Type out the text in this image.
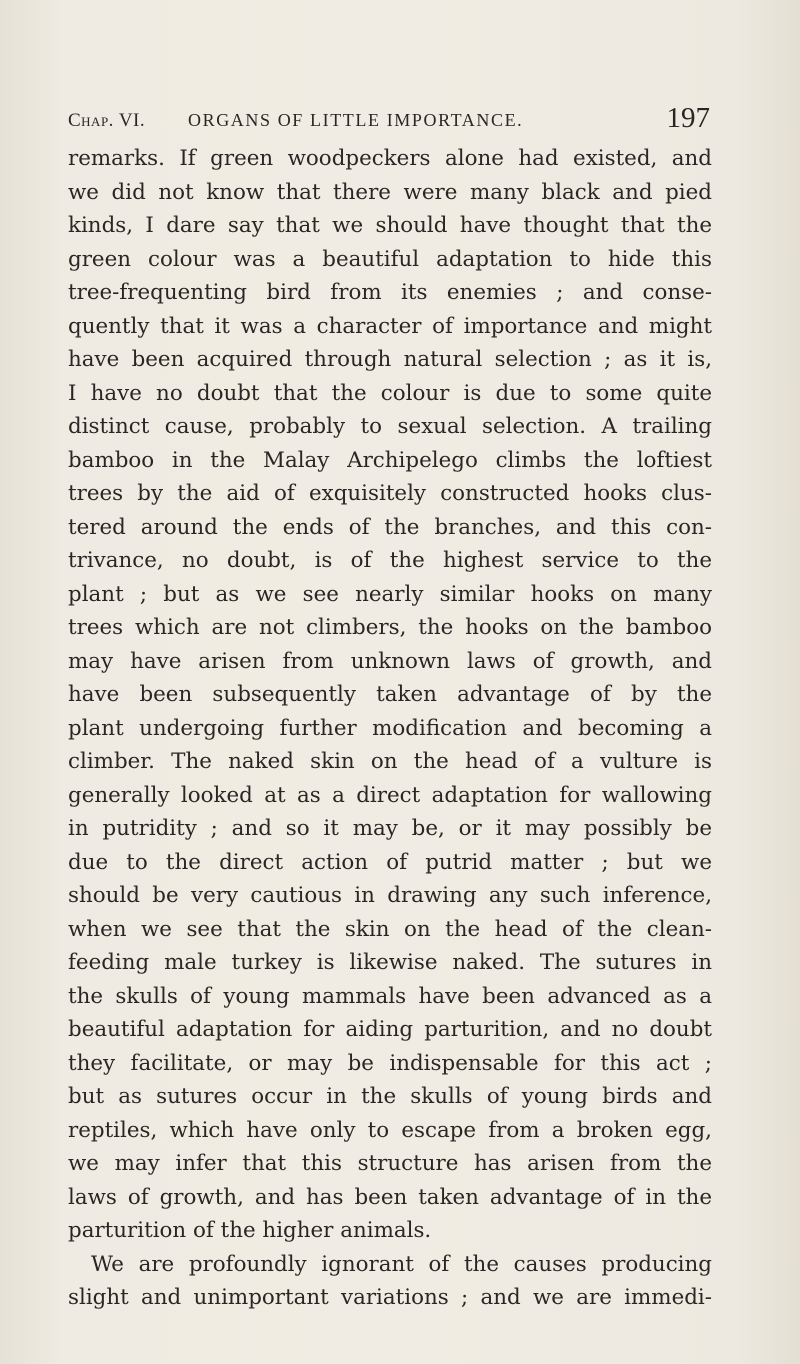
Chap. VI. ORGANS OF LITTLE IMPORTANCE.	197
remarks. If green woodpeckers alone had existed, and
we did not know that there were many black and pied
kinds, I dare say that we should have thought that the
green colour was a beautiful adaptation to hide this
tree-frequenting bird from its enemies ; and conse-
quently that it was a character of importance and might
have been acquired through natural selection ; as it is,
I have no doubt that the colour is due to some quite
distinct cause, probably to sexual selection. A trailing
bamboo in the Malay Archipelego climbs the loftiest
trees by the aid of exquisitely constructed hooks clus-
tered around the ends of the branches, and this con-
trivance, no doubt, is of the highest service to the
plant ; but as we see nearly similar hooks on many
trees which are not climbers, the hooks on the bamboo
may have arisen from unknown laws of growth, and
have been subsequently taken advantage of by the
plant undergoing further modification and becoming a
climber. The naked skin on the head of a vulture is
generally looked at as a direct adaptation for wallowing
in putridity ; and so it may be, or it may possibly be
due to the direct action of putrid matter ; but we
should be very cautious in drawing any such inference,
when we see that the skin on the head of the clean-
feeding male turkey is likewise naked. The sutures in
the skulls of young mammals have been advanced as a
beautiful adaptation for aiding parturition, and no doubt
they facilitate, or may be indispensable for this act ;
but as sutures occur in the skulls of young birds and
reptiles, which have only to escape from a broken egg,
we may infer that this structure has arisen from the
laws of growth, and has been taken advantage of in the
parturition of the higher animals.
We are profoundly ignorant of the causes producing
slight and unimportant variations ; and we are immedi-
